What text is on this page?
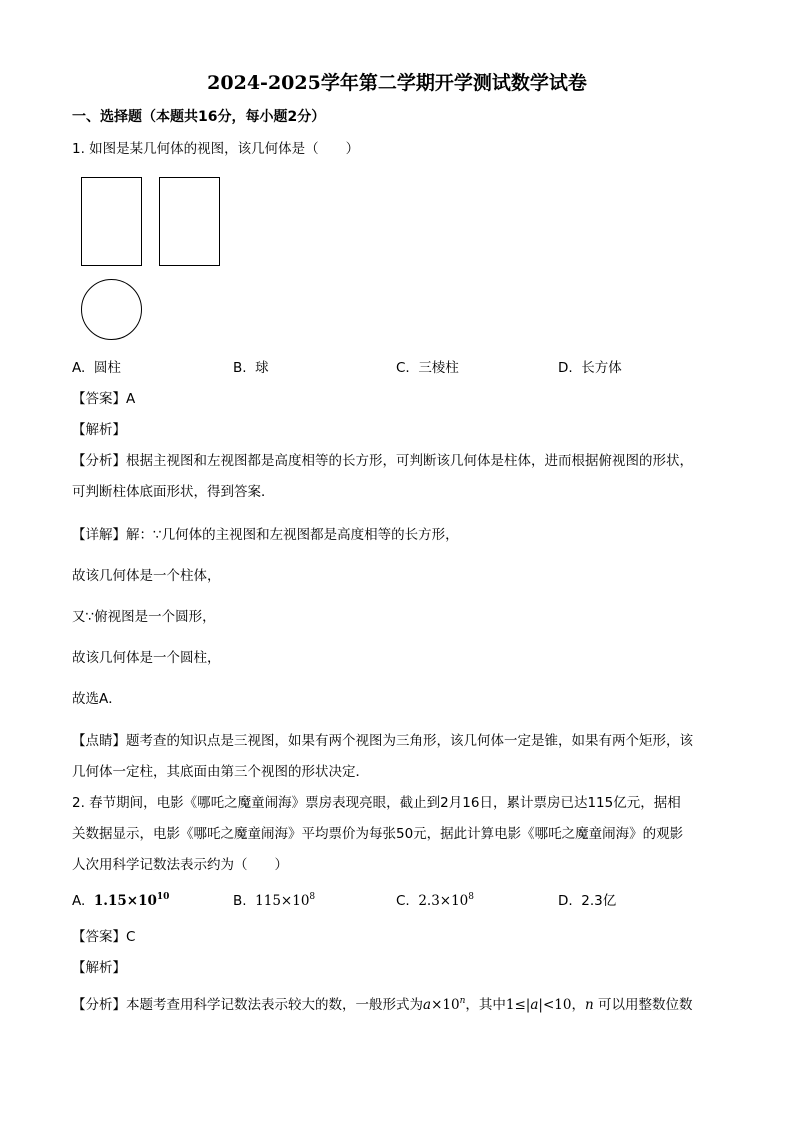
2024-2025学年第二学期开学测试数学试卷
一、选择题（本题共16分，每小题2分）
1. 如图是某几何体的视图，该几何体是（　　）
A. 圆柱	B. 球	C. 三棱柱	D. 长方体
【答案】A
【解析】
【分析】根据主视图和左视图都是高度相等的长方形，可判断该几何体是柱体，进而根据俯视图的形状，
可判断柱体底面形状，得到答案．
【详解】解：∵几何体的主视图和左视图都是高度相等的长方形，
故该几何体是一个柱体，
又∵俯视图是一个圆形，
故该几何体是一个圆柱，
故选A．
【点睛】题考查的知识点是三视图，如果有两个视图为三角形，该几何体一定是锥，如果有两个矩形，该
几何体一定柱，其底面由第三个视图的形状决定．
2. 春节期间，电影《哪吒之魔童闹海》票房表现亮眼，截止到2月16日，累计票房已达115亿元，据相
关数据显示，电影《哪吒之魔童闹海》平均票价为每张50元，据此计算电影《哪吒之魔童闹海》的观影
人次用科学记数法表示约为（　　）
A. $1.15\times 10^{10}$	B. $115\times 10^8$	C. $2.3\times 10^8$	D. 2.3亿
【答案】C
【解析】
【分析】本题考查用科学记数法表示较大的数，一般形式为$a\times 10^n$，其中1≤|a|<10，n 可以用整数位数
